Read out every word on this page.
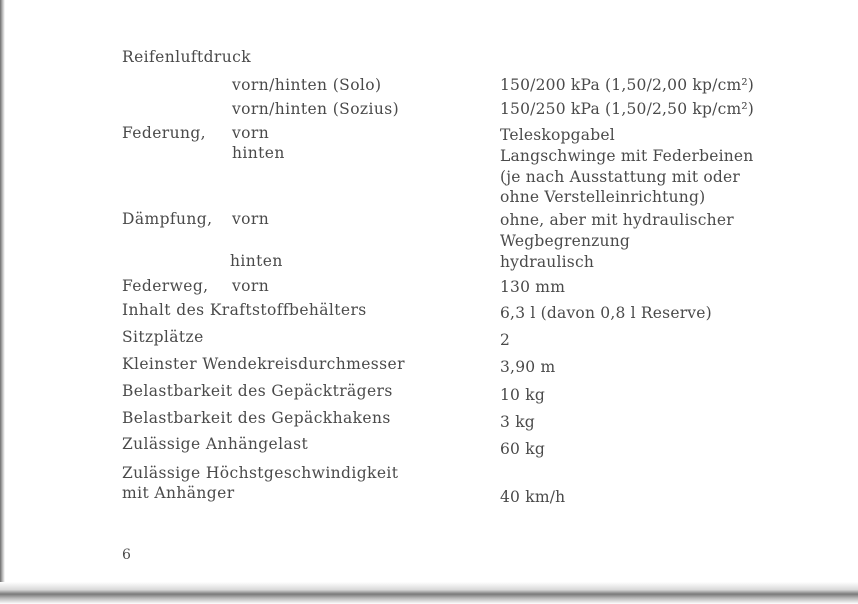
Reifenluftdruck
vorn/hinten (Solo)	150/200 kPa (1,50/2,00 kp/cm²)
vorn/hinten (Sozius)	150/250 kPa (1,50/2,50 kp/cm²)
Federung, vorn	Teleskopgabel
hinten	Langschwinge mit Federbeinen
(je nach Ausstattung mit oder
ohne Verstelleinrichtung)
Dämpfung, vorn	ohne, aber mit hydraulischer
Wegbegrenzung
hinten	hydraulisch
Federweg, vorn	130 mm
Inhalt des Kraftstoffbehälters	6,3 l (davon 0,8 l Reserve)
Sitzplätze	2
Kleinster Wendekreisdurchmesser	3,90 m
Belastbarkeit des Gepäckträgers	10 kg
Belastbarkeit des Gepäckhakens	3 kg
Zulässige Anhängelast	60 kg
Zulässige Höchstgeschwindigkeit
mit Anhänger	40 km/h
6
